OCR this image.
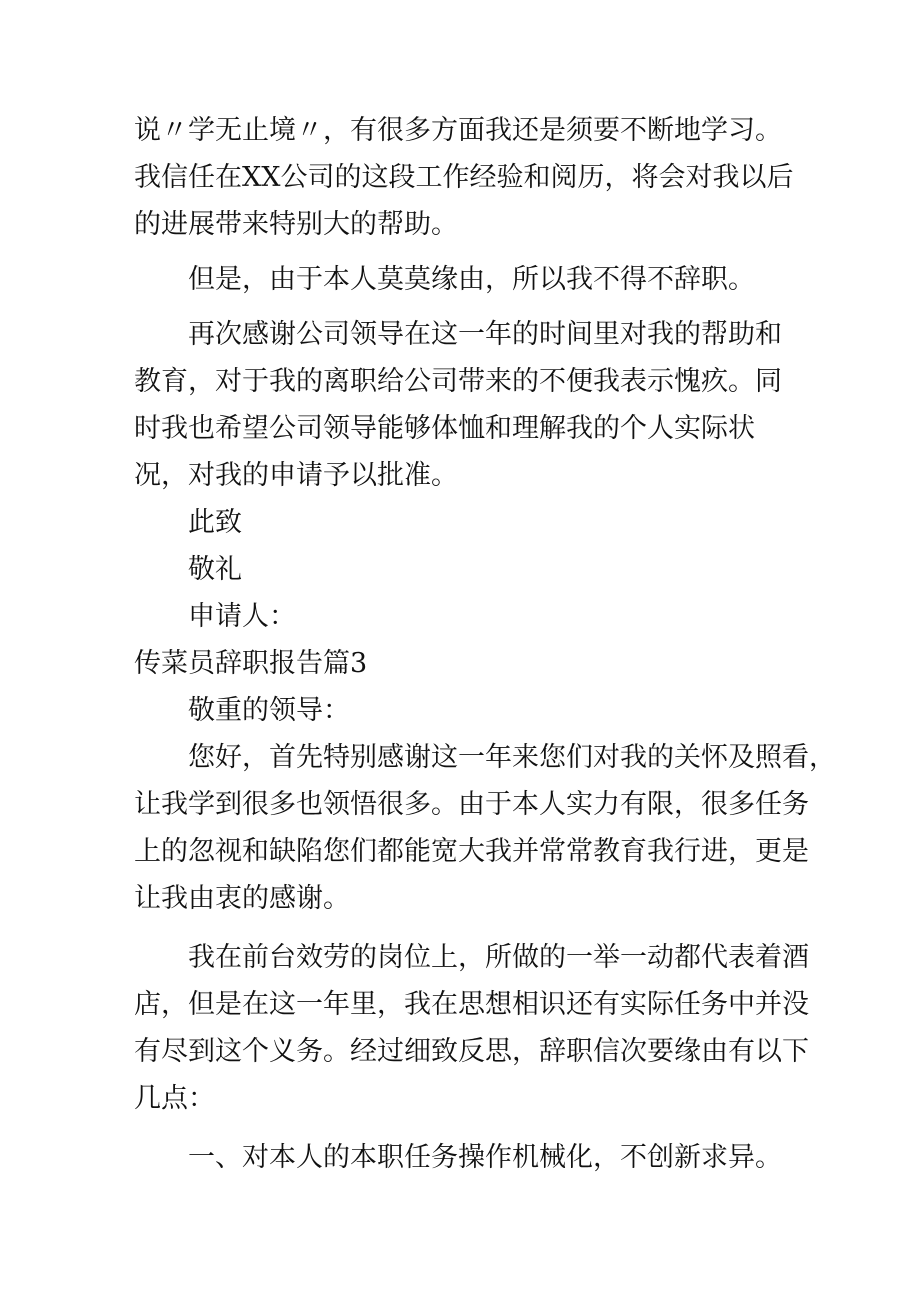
说〃学无止境〃，有很多方面我还是须要不断地学习。
我信任在XX公司的这段工作经验和阅历，将会对我以后
的进展带来特别大的帮助。
但是，由于本人莫莫缘由，所以我不得不辞职。
再次感谢公司领导在这一年的时间里对我的帮助和
教育，对于我的离职给公司带来的不便我表示愧疚。同
时我也希望公司领导能够体恤和理解我的个人实际状
况，对我的申请予以批准。
此致
敬礼
申请人：
传菜员辞职报告篇3
敬重的领导：
您好，首先特别感谢这一年来您们对我的关怀及照看，
让我学到很多也领悟很多。由于本人实力有限，很多任务
上的忽视和缺陷您们都能宽大我并常常教育我行进，更是
让我由衷的感谢。
我在前台效劳的岗位上，所做的一举一动都代表着酒
店，但是在这一年里，我在思想相识还有实际任务中并没
有尽到这个义务。经过细致反思，辞职信次要缘由有以下
几点：
一、对本人的本职任务操作机械化，不创新求异。
